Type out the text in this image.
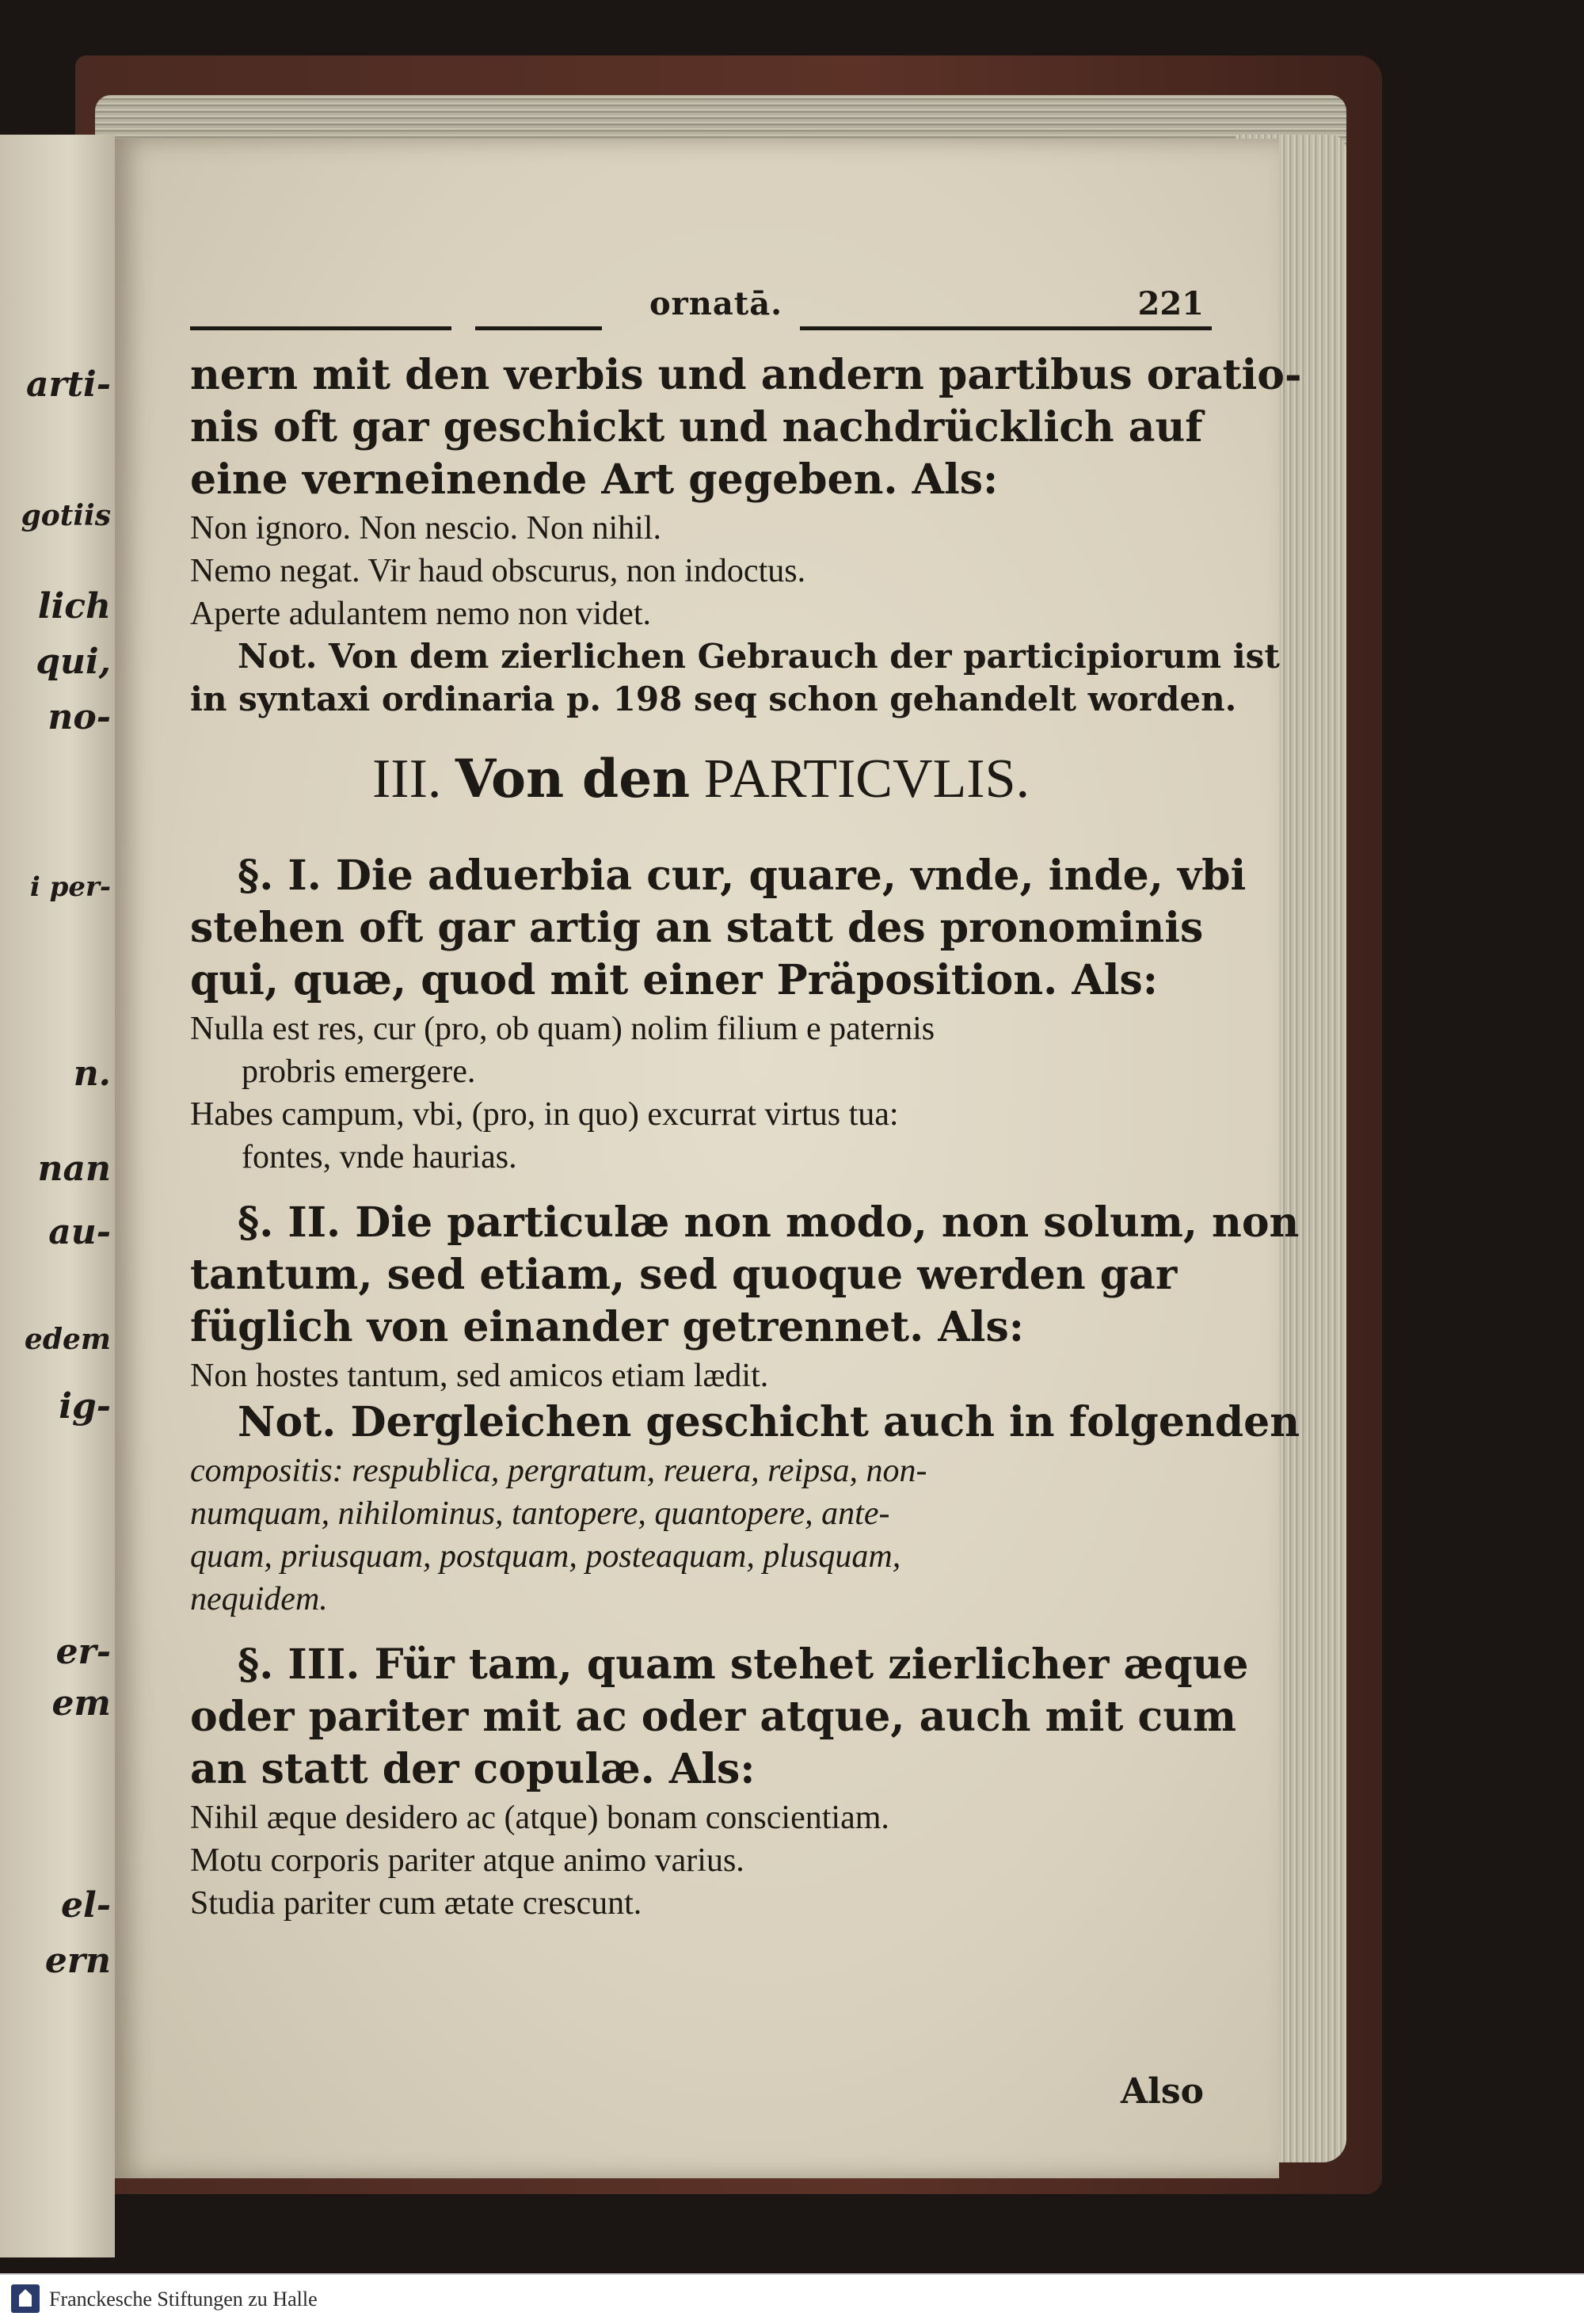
arti-
gotiis
lich
qui,
no-
i per-
n.
nan
au-
edem
ig-
er-
em
el-
ern
ornatā.	221
nern mit den verbis und andern partibus oratio-
nis oft gar geschickt und nachdrücklich auf
eine verneinende Art gegeben. Als:
Non ignoro. Non nescio. Non nihil.
Nemo negat. Vir haud obscurus, non indoctus.
Aperte adulantem nemo non videt.
Not. Von dem zierlichen Gebrauch der participiorum ist
in syntaxi ordinaria p. 198 seq schon gehandelt worden.
III. Von den PARTICVLIS.
§. I. Die aduerbia cur, quare, vnde, inde, vbi
stehen oft gar artig an statt des pronominis
qui, quæ, quod mit einer Präposition. Als:
Nulla est res, cur (pro, ob quam) nolim filium e paternis
probris emergere.
Habes campum, vbi, (pro, in quo) excurrat virtus tua:
fontes, vnde haurias.
§. II. Die particulæ non modo, non solum, non
tantum, sed etiam, sed quoque werden gar
füglich von einander getrennet. Als:
Non hostes tantum, sed amicos etiam lædit.
Not. Dergleichen geschicht auch in folgenden
compositis: respublica, pergratum, reuera, reipsa, non-
numquam, nihilominus, tantopere, quantopere, ante-
quam, priusquam, postquam, posteaquam, plusquam,
nequidem.
§. III. Für tam, quam stehet zierlicher æque
oder pariter mit ac oder atque, auch mit cum
an statt der copulæ. Als:
Nihil æque desidero ac (atque) bonam conscientiam.
Motu corporis pariter atque animo varius.
Studia pariter cum ætate crescunt.
Also
Franckesche Stiftungen zu Halle
